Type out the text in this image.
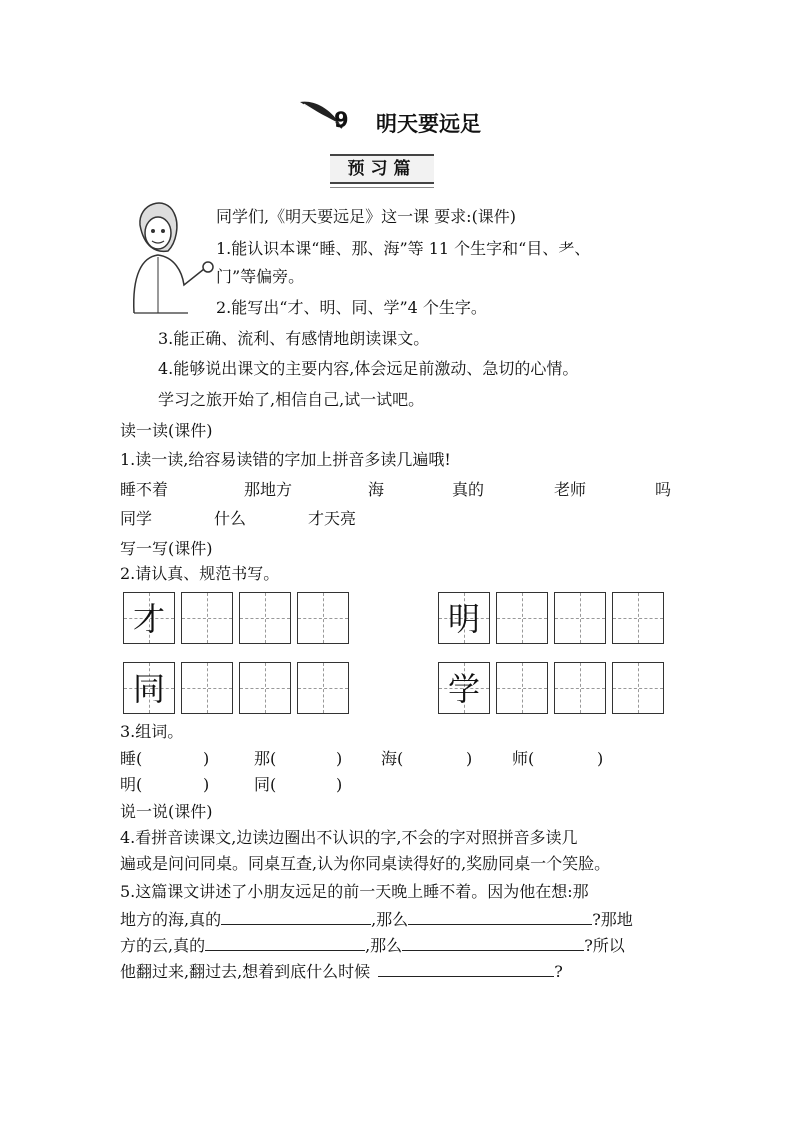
9 明天要远足
预习篇
同学们,《明天要远足》这一课 要求:(课件)
1.能认识本课“睡、那、海”等 11 个生字和“目、耂、
门”等偏旁。
2.能写出“才、明、同、学”4 个生字。
3.能正确、流利、有感情地朗读课文。
4.能够说出课文的主要内容,体会远足前激动、急切的心情。
学习之旅开始了,相信自己,试一试吧。
读一读(课件)
1.读一读,给容易读错的字加上拼音多读几遍哦!
睡不着	那地方	海	真的	老师	吗
同学	什么	才天亮
写一写(课件)
2.请认真、规范书写。
才	明
同	学
3.组词。
睡(	)	那(	) 海(	) 师(	)
明(	)	同(	)
说一说(课件)
4.看拼音读课文,边读边圈出不认识的字,不会的字对照拼音多读几
遍或是问问同桌。同桌互查,认为你同桌读得好的,奖励同桌一个笑脸。
5.这篇课文讲述了小朋友远足的前一天晚上睡不着。因为他在想:那
地方的海,真的	,那么	?那地
方的云,真的	,那么	?所以
他翻过来,翻过去,想着到底什么时候	?
